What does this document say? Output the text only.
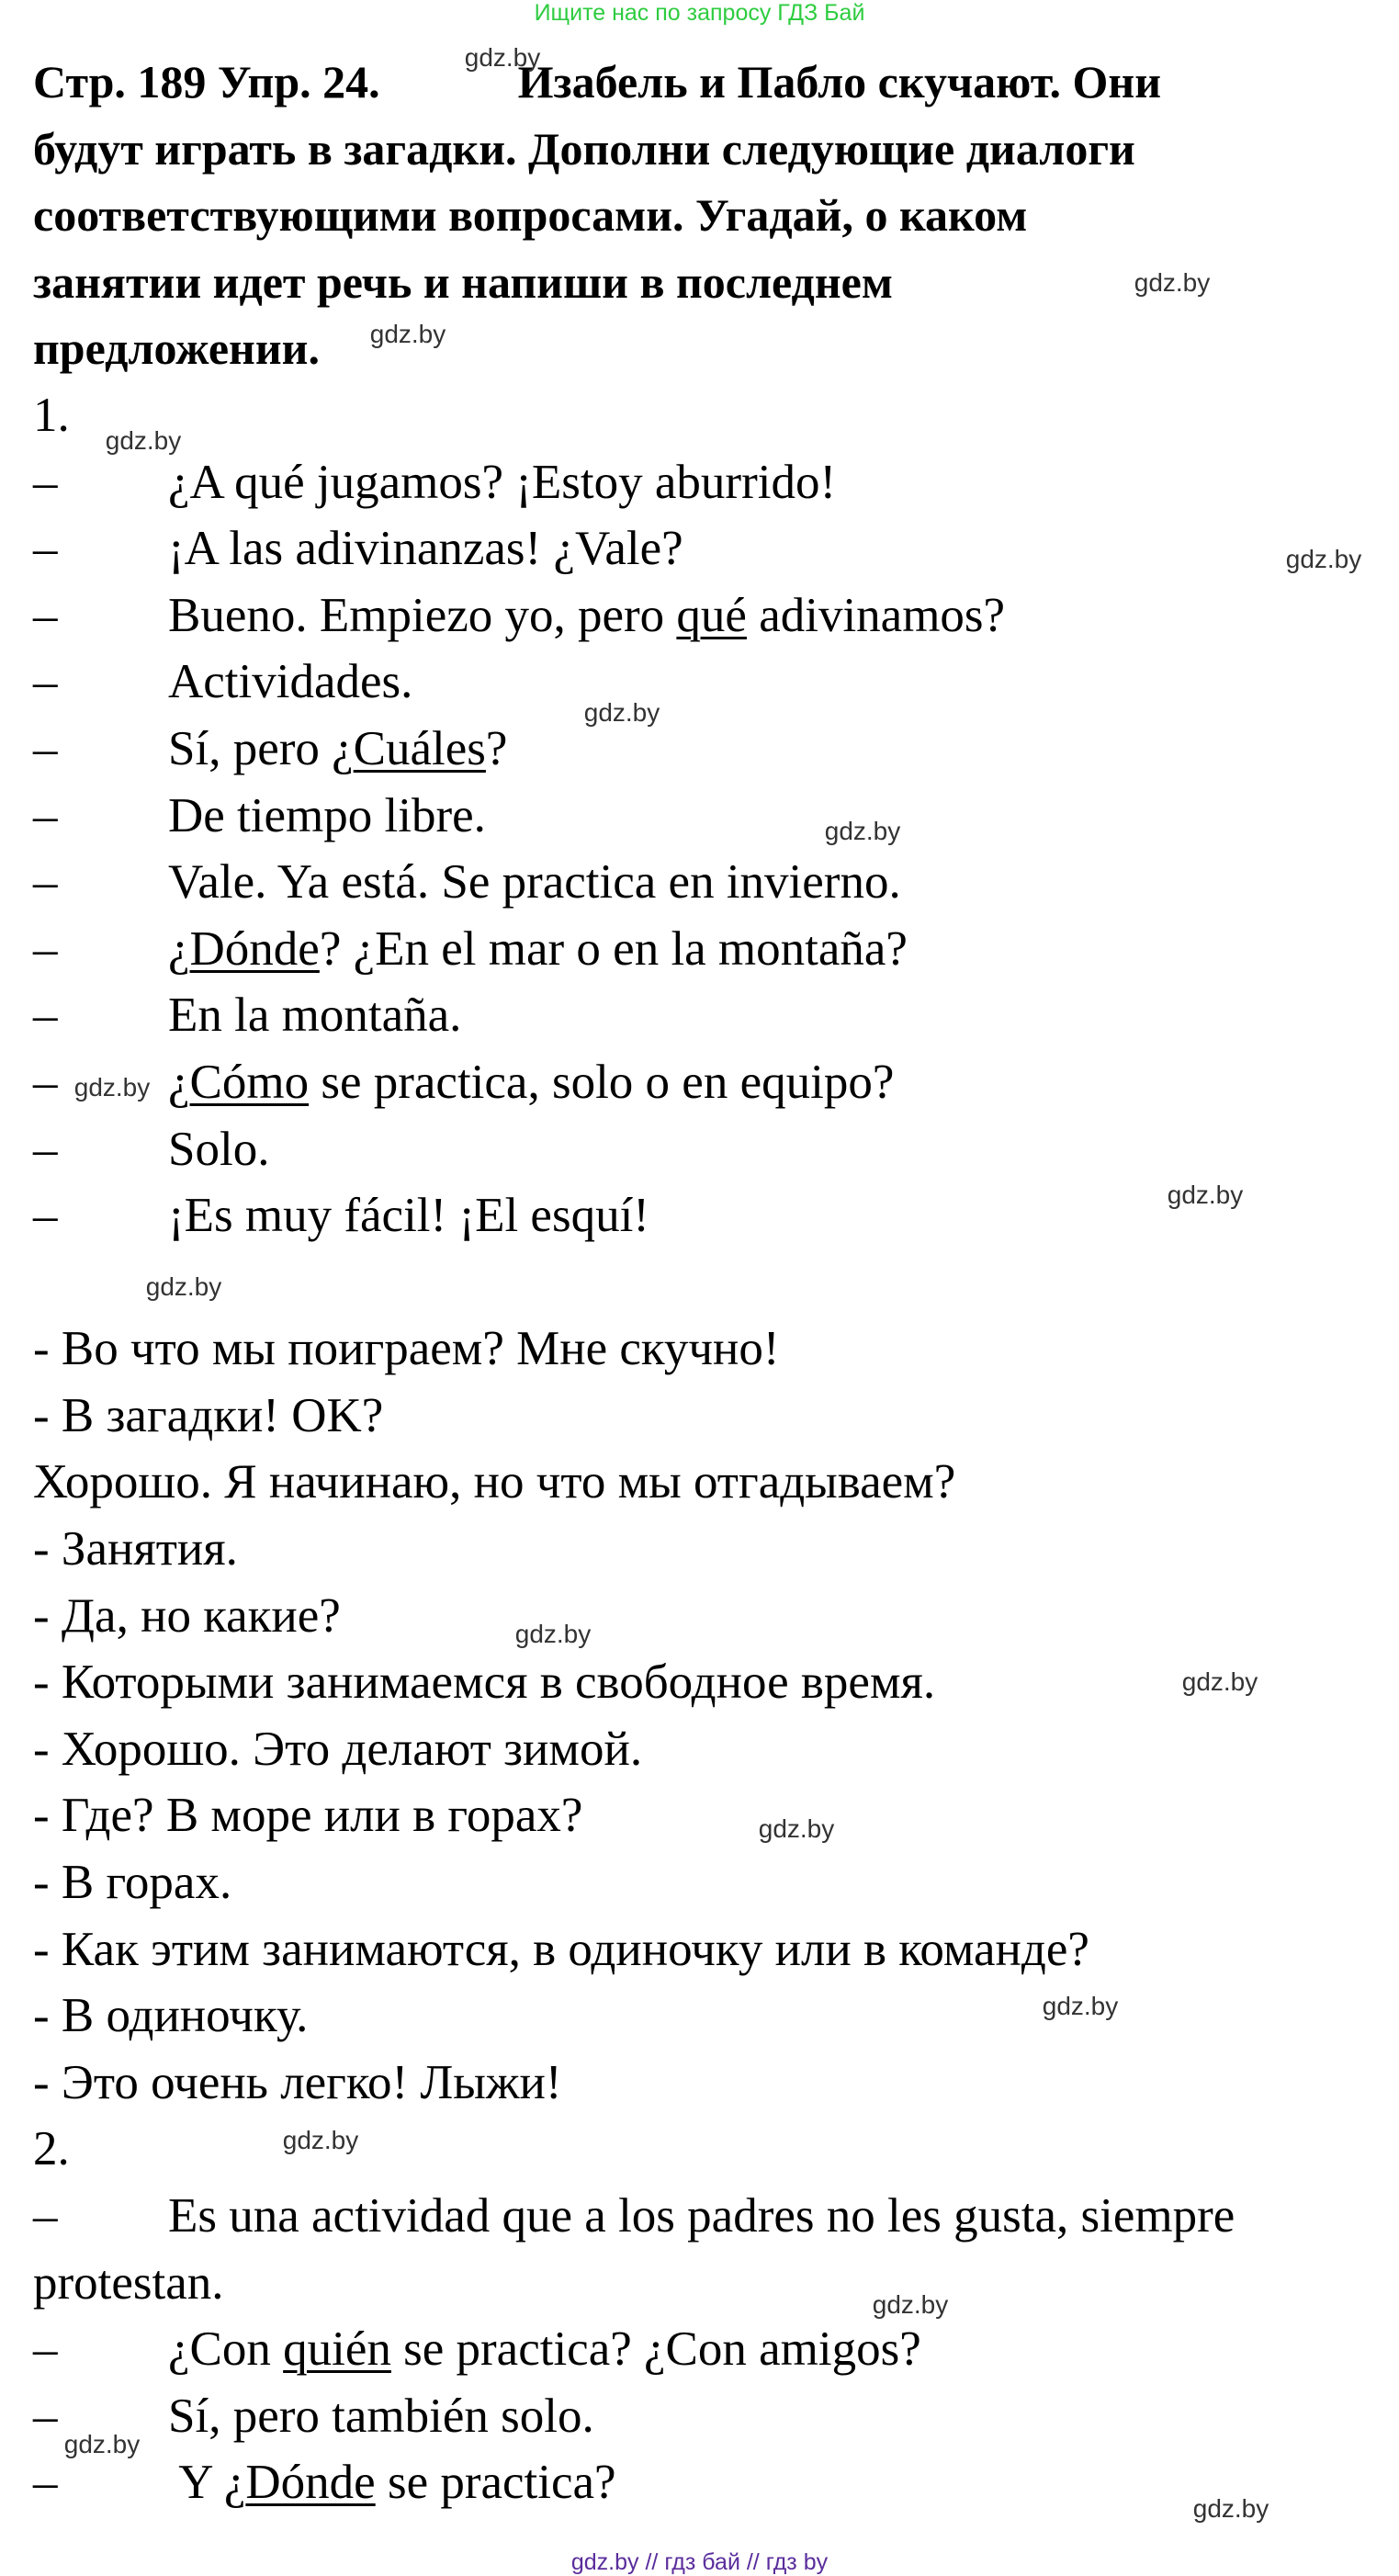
Ищите нас по запросу ГДЗ Бай
Стр. 189 Упр. 24.	Изабель и Пабло скучают. Они
будут играть в загадки. Дополни следующие диалоги
соответствующими вопросами. Угадай, о каком
занятии идет речь и напиши в последнем
предложении.
1.
– ¿A qué jugamos? ¡Estoy aburrido!
– ¡A las adivinanzas! ¿Vale?
– Bueno. Empiezo yo, pero qué adivinamos?
– Actividades.
– Sí, pero ¿Cuáles?
– De tiempo libre.
– Vale. Ya está. Se practica en invierno.
– ¿Dónde? ¿En el mar o en la montaña?
– En la montaña.
– ¿Cómo se practica, solo o en equipo?
– Solo.
– ¡Es muy fácil! ¡El esquí!
- Во что мы поиграем? Мне скучно!
- В загадки! OK?
Хорошо. Я начинаю, но что мы отгадываем?
- Занятия.
- Да, но какие?
- Которыми занимаемся в свободное время.
- Хорошо. Это делают зимой.
- Где? В море или в горах?
- В горах.
- Как этим занимаются, в одиночку или в команде?
- В одиночку.
- Это очень легко! Лыжи!
2.
– Es una actividad que a los padres no les gusta, siempre
protestan.
– ¿Con quién se practica? ¿Con amigos?
– Sí, pero también solo.
– Y ¿Dónde se practica?
gdz.by
gdz.by
gdz.by
gdz.by
gdz.by
gdz.by
gdz.by
gdz.by
gdz.by
gdz.by
gdz.by
gdz.by
gdz.by
gdz.by
gdz.by
gdz.by
gdz.by
gdz.by
gdz.by // гдз бай // гдз by
